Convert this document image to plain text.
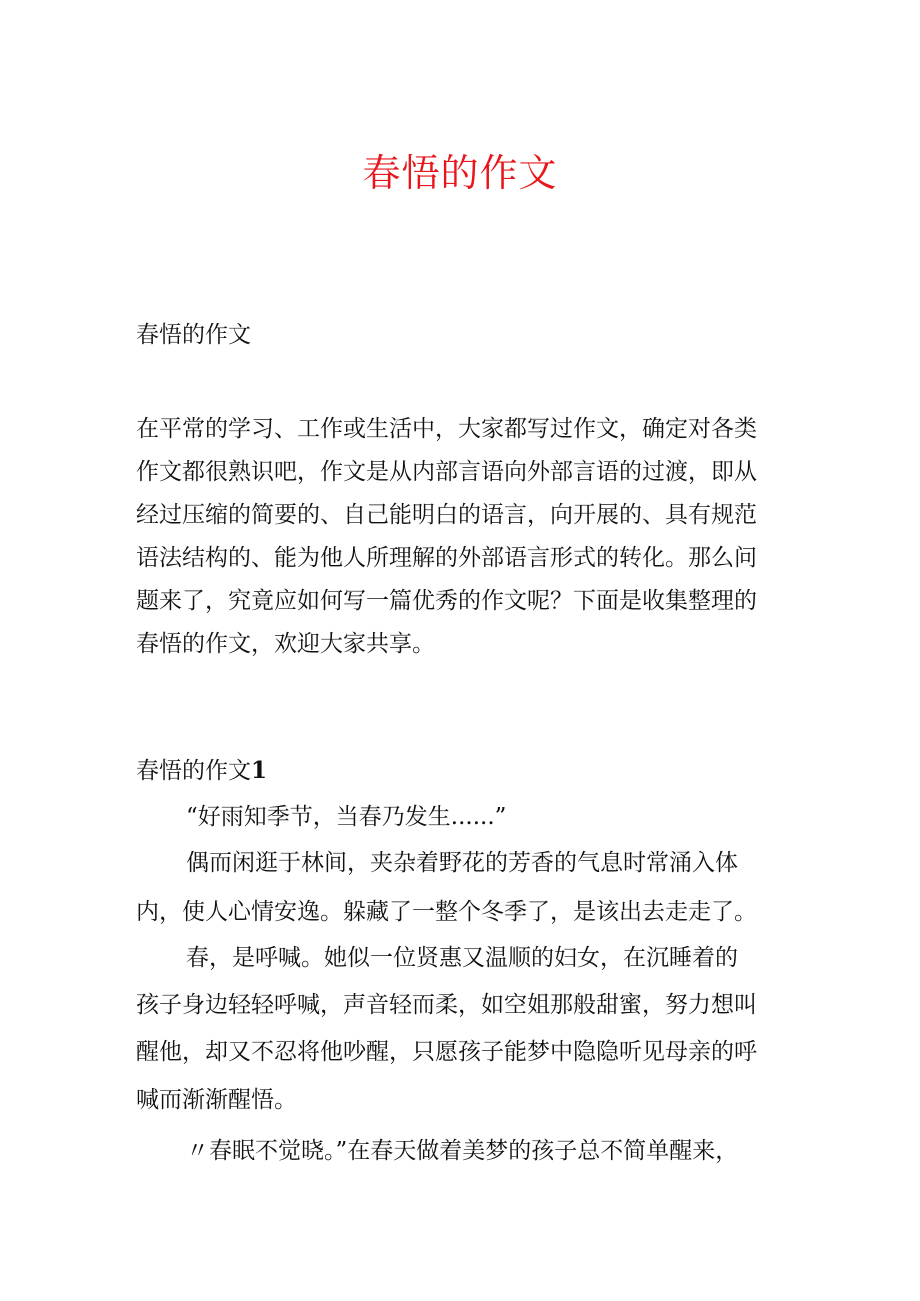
春悟的作文
春悟的作文
在平常的学习、工作或生活中，大家都写过作文，确定对各类
作文都很熟识吧，作文是从内部言语向外部言语的过渡，即从
经过压缩的简要的、自己能明白的语言，向开展的、具有规范
语法结构的、能为他人所理解的外部语言形式的转化。那么问
题来了，究竟应如何写一篇优秀的作文呢？下面是收集整理的
春悟的作文，欢迎大家共享。
春悟的作文1
“好雨知季节，当春乃发生......”
偶而闲逛于林间，夹杂着野花的芳香的气息时常涌入体
内，使人心情安逸。躲藏了一整个冬季了，是该出去走走了。
春，是呼喊。她似一位贤惠又温顺的妇女，在沉睡着的
孩子身边轻轻呼喊，声音轻而柔，如空姐那般甜蜜，努力想叫
醒他，却又不忍将他吵醒，只愿孩子能梦中隐隐听见母亲的呼
喊而渐渐醒悟。
〃春眠不觉晓。”在春天做着美梦的孩子总不简单醒来，
